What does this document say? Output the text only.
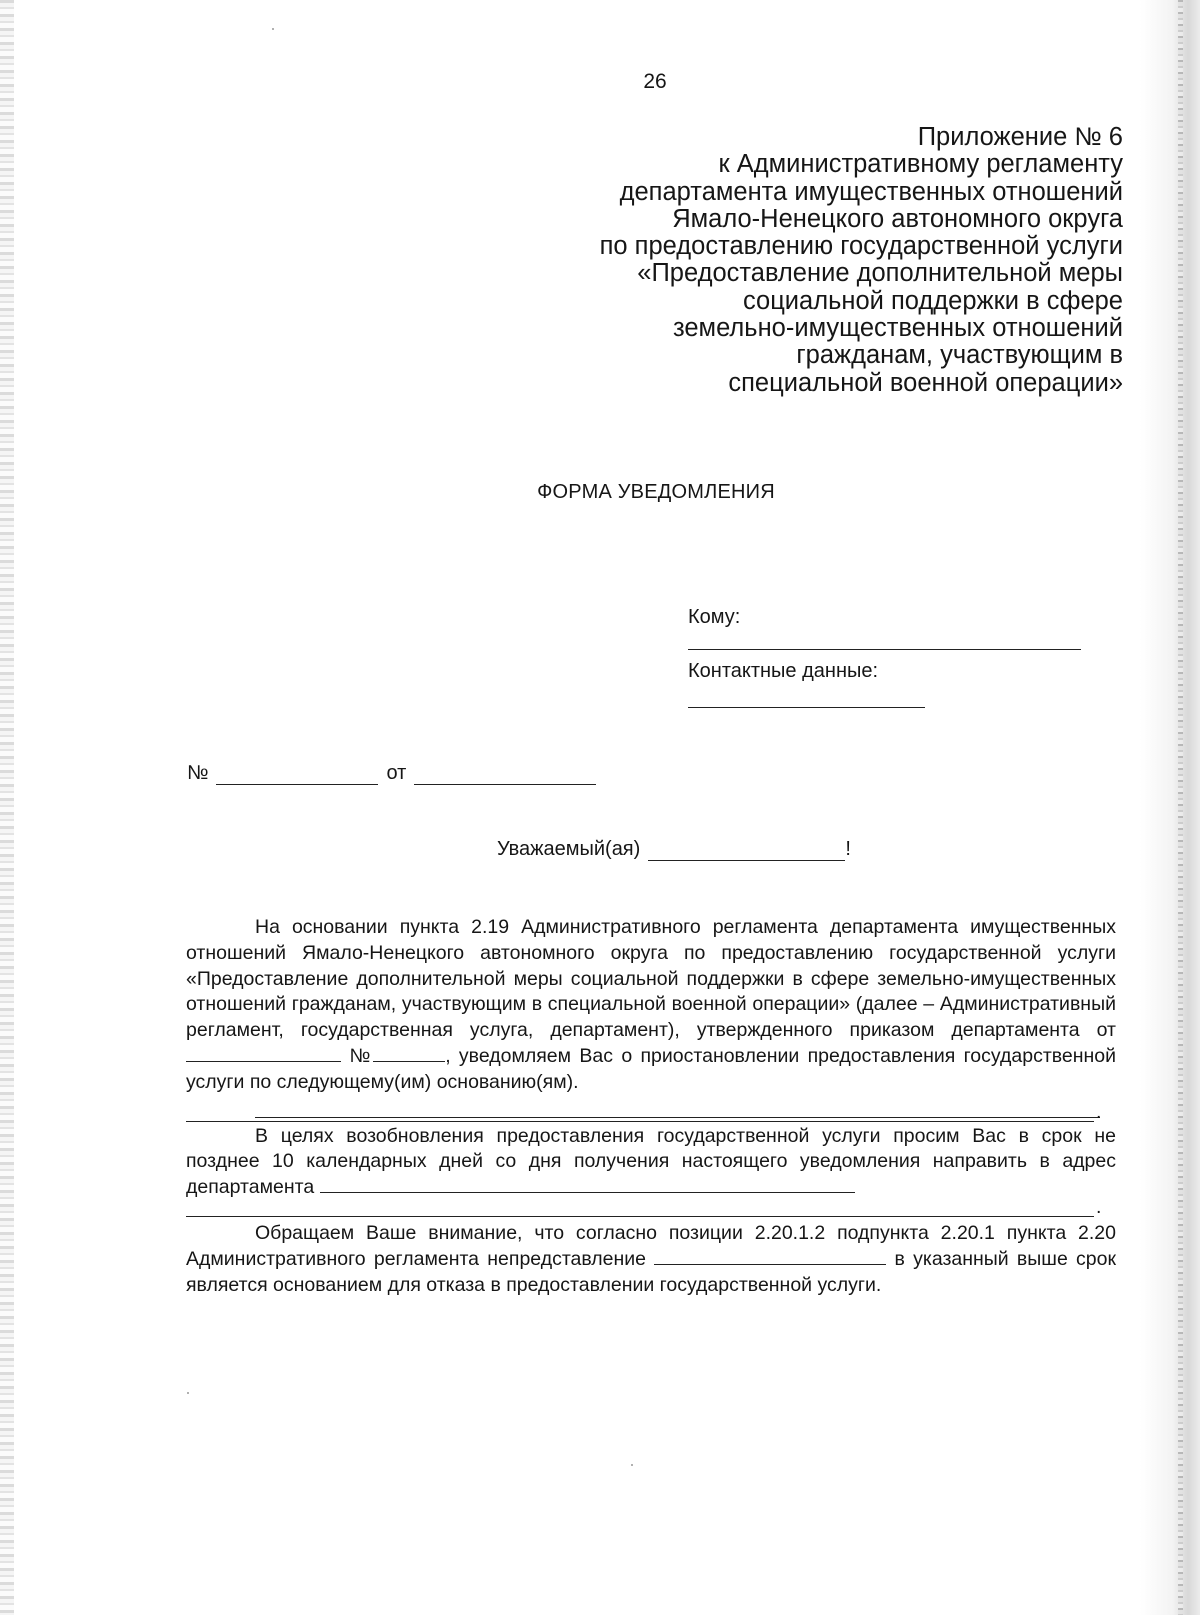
26
Приложение № 6
к Административному регламенту
департамента имущественных отношений
Ямало-Ненецкого автономного округа
по предоставлению государственной услуги
«Предоставление дополнительной меры
социальной поддержки в сфере
земельно-имущественных отношений
гражданам, участвующим в
специальной военной операции»
ФОРМА УВЕДОМЛЕНИЯ
Кому:
Контактные данные:
№	от
Уважаемый(ая)	!

На основании пункта 2.19 Административного регламента департамента имущественных отношений Ямало-Ненецкого автономного округа по предоставлению государственной услуги «Предоставление дополнительной меры социальной поддержки в сфере земельно-имущественных отношений гражданам, участвующим в специальной военной операции» (далее – Административный регламент, государственная услуга, департамент), утвержденного приказом департамента от  №	, уведомляем Вас о приостановлении предоставления государственной услуги по следующему(им) основанию(ям).

.

В целях возобновления предоставления государственной услуги просим Вас в срок не позднее 10 календарных дней со дня получения настоящего уведомления направить в адрес департамента

.

Обращаем Ваше внимание, что согласно позиции 2.20.1.2 подпункта 2.20.1 пункта 2.20 Административного регламента непредставление	в указанный выше срок является основанием для отказа в предоставлении государственной услуги.
